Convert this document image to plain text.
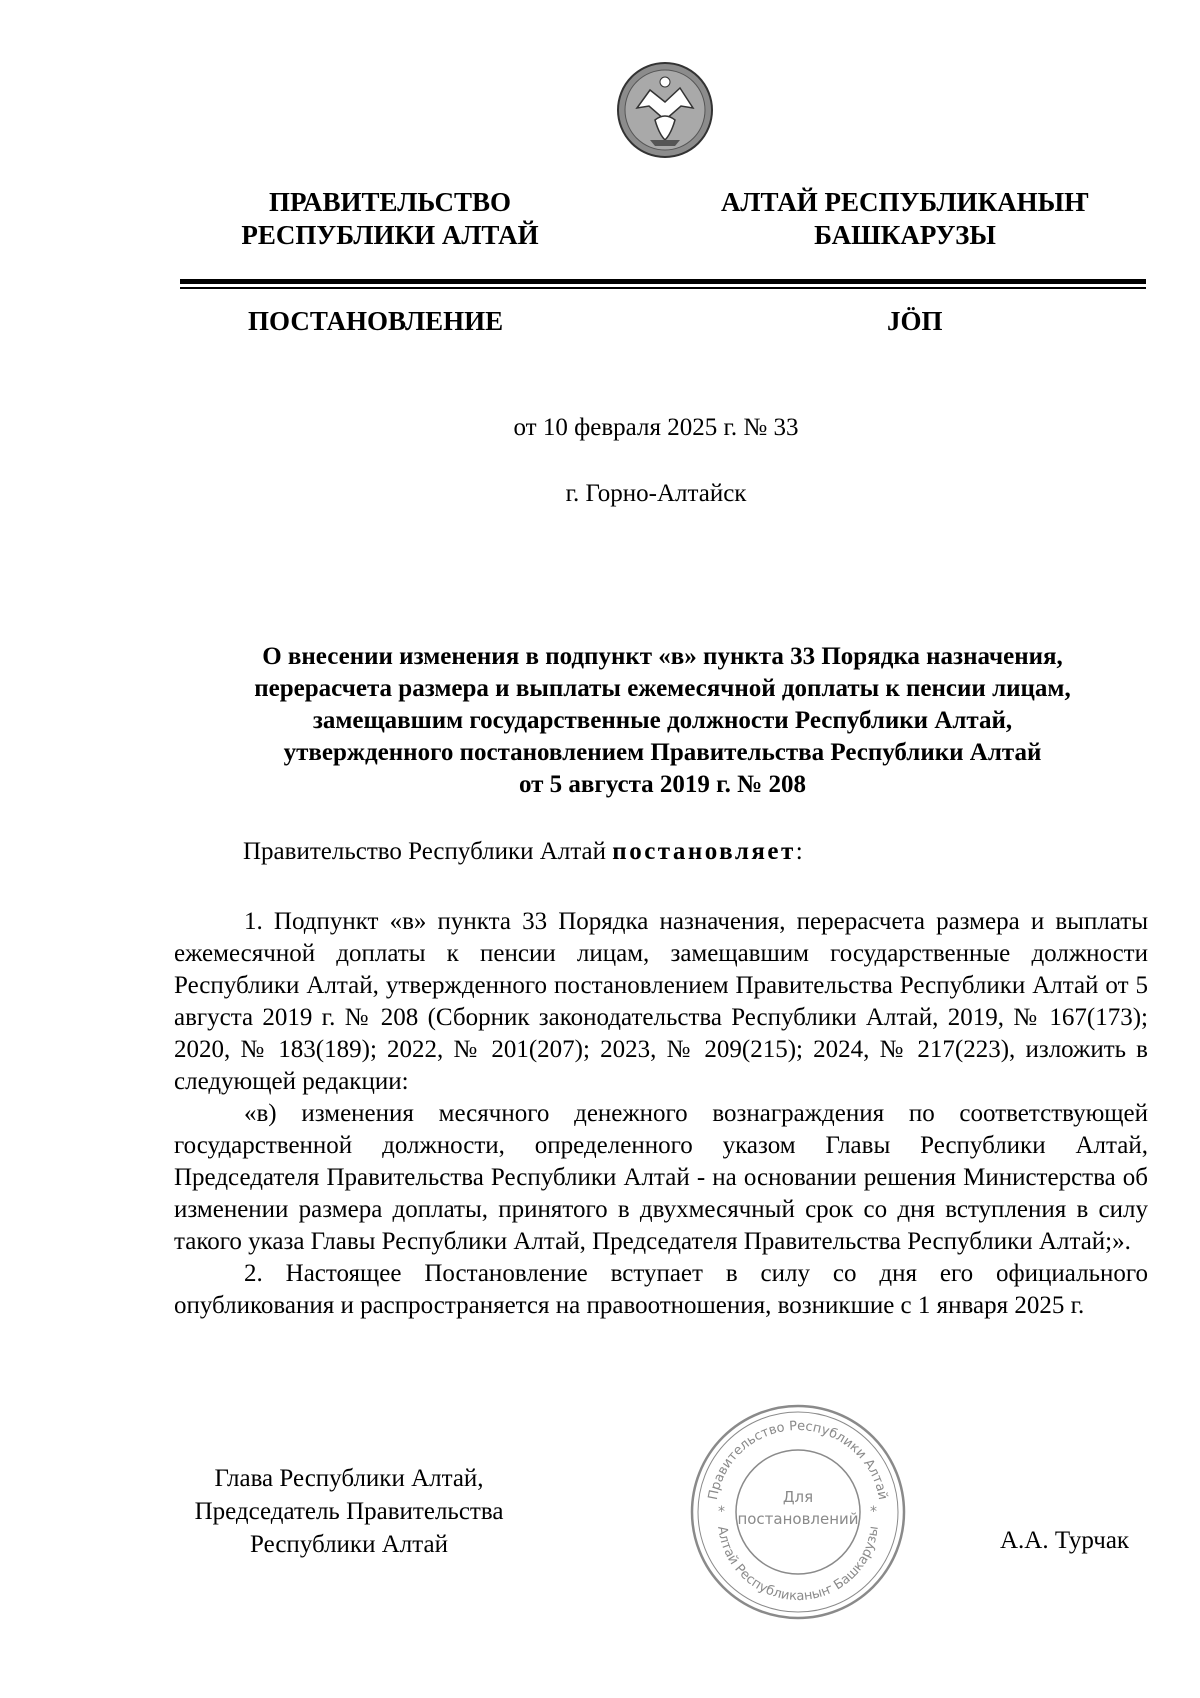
ПРАВИТЕЛЬСТВО
РЕСПУБЛИКИ АЛТАЙ
АЛТАЙ РЕСПУБЛИКАНЫҤ
БАШКАРУЗЫ
ПОСТАНОВЛЕНИЕ	JÖП
от 10 февраля 2025 г. № 33
г. Горно-Алтайск
О внесении изменения в подпункт «в» пункта 33 Порядка назначения,
перерасчета размера и выплаты ежемесячной доплаты к пенсии лицам,
замещавшим государственные должности Республики Алтай,
утвержденного постановлением Правительства Республики Алтай
от 5 августа 2019 г. № 208
Правительство Республики Алтай постановляет:

1. Подпункт «в» пункта 33 Порядка назначения, перерасчета размера и выплаты ежемесячной доплаты к пенсии лицам, замещавшим государственные должности Республики Алтай, утвержденного постановлением Правительства Республики Алтай от 5 августа 2019 г. № 208 (Сборник законодательства Республики Алтай, 2019, № 167(173); 2020, № 183(189); 2022, № 201(207); 2023, № 209(215); 2024, № 217(223), изложить в следующей редакции:

«в) изменения месячного денежного вознаграждения по соответствующей государственной должности, определенного указом Главы Республики Алтай, Председателя Правительства Республики Алтай - на основании решения Министерства об изменении размера доплаты, принятого в двухмесячный срок со дня вступления в силу такого указа Главы Республики Алтай, Председателя Правительства Республики Алтай;».

2. Настоящее Постановление вступает в силу со дня его официального опубликования и распространяется на правоотношения, возникшие с 1 января 2025 г.

Глава Республики Алтай,
Председатель Правительства
Республики Алтай	А.А. Турчак
Правительство Республики Алтай
Алтай Республиканыҥ Башкарузы
*	*
Для
постановлений
